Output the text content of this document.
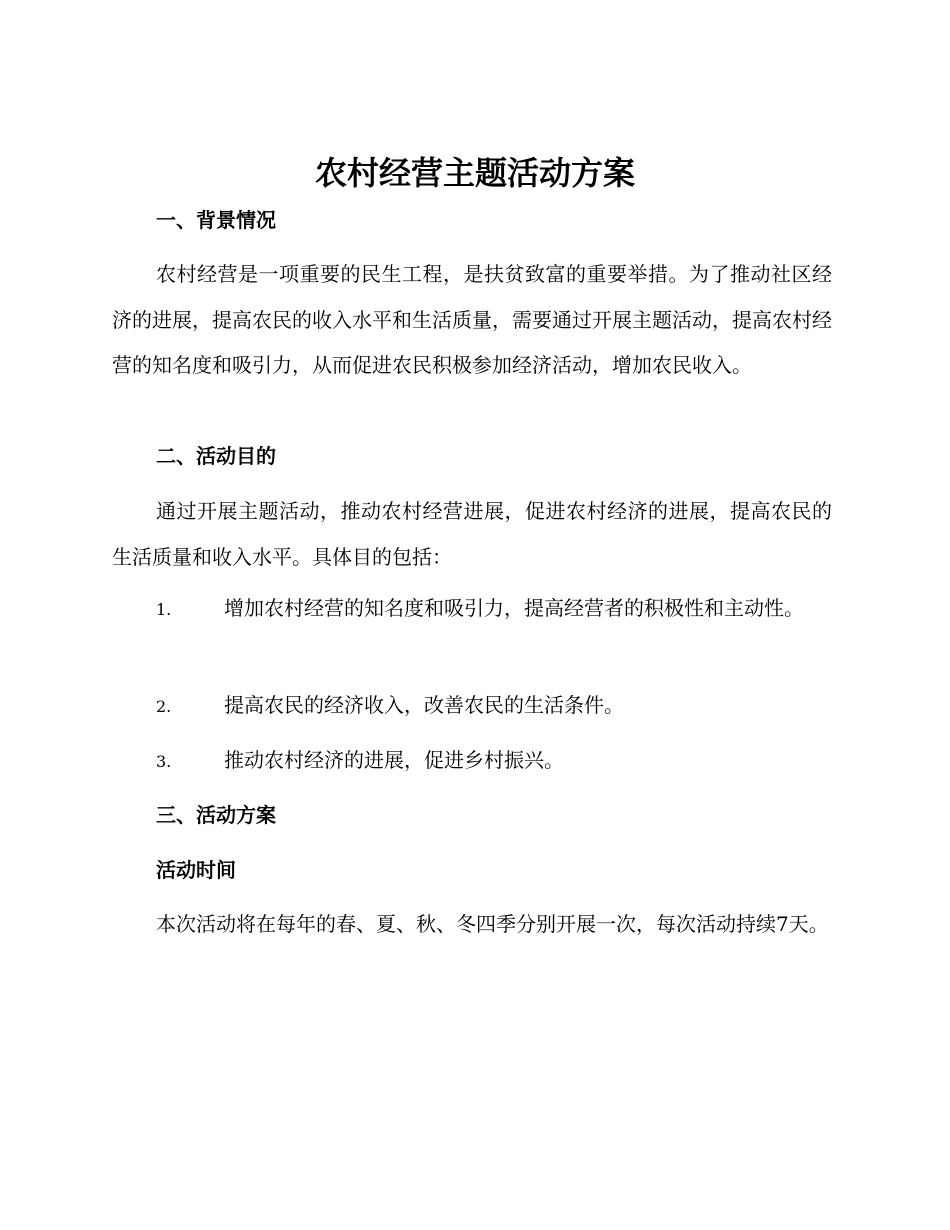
农村经营主题活动方案
一、背景情况

农村经营是一项重要的民生工程，是扶贫致富的重要举措。为了推动社区经济的进展，提高农民的收入水平和生活质量，需要通过开展主题活动，提高农村经营的知名度和吸引力，从而促进农民积极参加经济活动，增加农民收入。

二、活动目的

通过开展主题活动，推动农村经营进展，促进农村经济的进展，提高农民的生活质量和收入水平。具体目的包括：

1.	增加农村经营的知名度和吸引力，提高经营者的积极性和主动性。
2.	提高农民的经济收入，改善农民的生活条件。
3.	推动农村经济的进展，促进乡村振兴。
三、活动方案
活动时间

本次活动将在每年的春、夏、秋、冬四季分别开展一次，每次活动持续7天。
